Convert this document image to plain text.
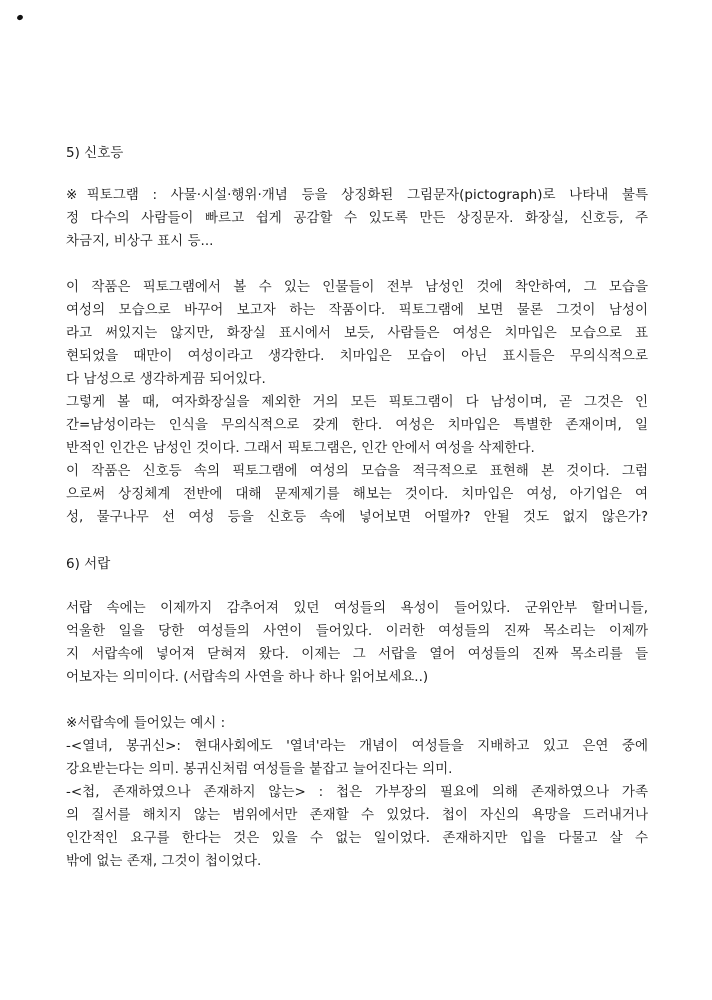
5) 신호등
※픽토그램 : 사물·시설·행위·개념 등을 상징화된 그림문자(pictograph)로 나타내 불특
정 다수의 사람들이 빠르고 쉽게 공감할 수 있도록 만든 상징문자. 화장실, 신호등, 주
차금지, 비상구 표시 등...
이 작품은 픽토그램에서 볼 수 있는 인물들이 전부 남성인 것에 착안하여, 그 모습을
여성의 모습으로 바꾸어 보고자 하는 작품이다. 픽토그램에 보면 물론 그것이 남성이
라고 써있지는 않지만, 화장실 표시에서 보듯, 사람들은 여성은 치마입은 모습으로 표
현되었을 때만이 여성이라고 생각한다. 치마입은 모습이 아닌 표시들은 무의식적으로
다 남성으로 생각하게끔 되어있다.
그렇게 볼 때, 여자화장실을 제외한 거의 모든 픽토그램이 다 남성이며, 곧 그것은 인
간=남성이라는 인식을 무의식적으로 갖게 한다. 여성은 치마입은 특별한 존재이며, 일
반적인 인간은 남성인 것이다. 그래서 픽토그램은, 인간 안에서 여성을 삭제한다.
이 작품은 신호등 속의 픽토그램에 여성의 모습을 적극적으로 표현해 본 것이다. 그럼
으로써 상징체계 전반에 대해 문제제기를 해보는 것이다. 치마입은 여성, 아기업은 여
성, 물구나무 선 여성 등을 신호등 속에 넣어보면 어떨까? 안될 것도 없지 않은가?
6) 서랍
서랍 속에는 이제까지 감추어져 있던 여성들의 욕성이 들어있다. 군위안부 할머니들,
억울한 일을 당한 여성들의 사연이 들어있다. 이러한 여성들의 진짜 목소리는 이제까
지 서랍속에 넣어져 닫혀져 왔다. 이제는 그 서랍을 열어 여성들의 진짜 목소리를 들
어보자는 의미이다. (서랍속의 사연을 하나 하나 읽어보세요..)
※서랍속에 들어있는 예시 :
-<열녀, 봉귀신>: 현대사회에도 '열녀'라는 개념이 여성들을 지배하고 있고 은연 중에
강요받는다는 의미. 봉귀신처럼 여성들을 붙잡고 늘어진다는 의미.
-<첩, 존재하였으나 존재하지 않는> : 첩은 가부장의 필요에 의해 존재하였으나 가족
의 질서를 해치지 않는 범위에서만 존재할 수 있었다. 첩이 자신의 욕망을 드러내거나
인간적인 요구를 한다는 것은 있을 수 없는 일이었다. 존재하지만 입을 다물고 살 수
밖에 없는 존재, 그것이 첩이었다.
